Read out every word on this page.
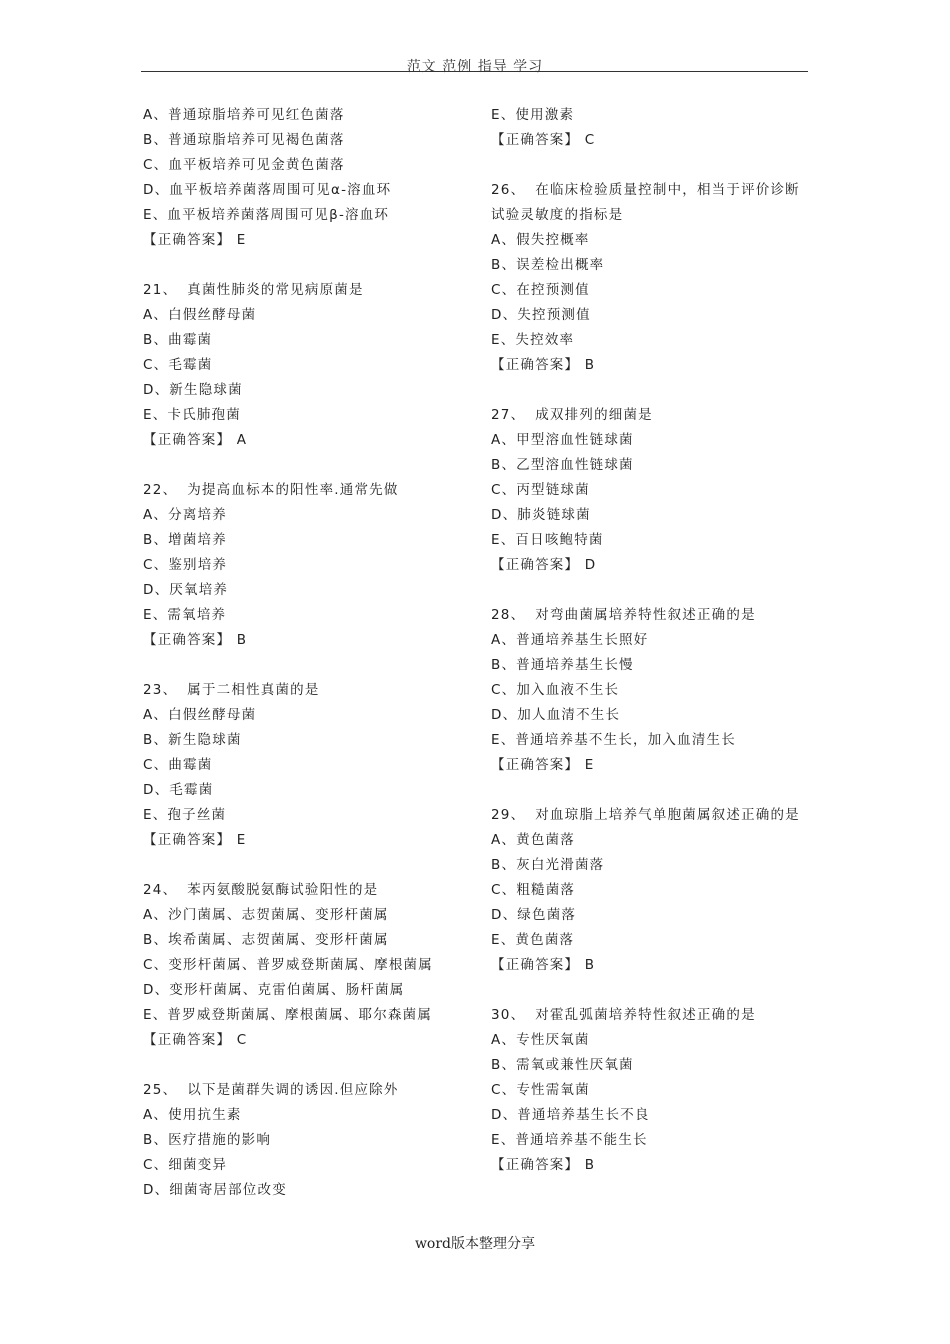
范文 范例 指导 学习
A、普通琼脂培养可见红色菌落
B、普通琼脂培养可见褐色菌落
C、血平板培养可见金黄色菌落
D、血平板培养菌落周围可见α-溶血环
E、血平板培养菌落周围可见β-溶血环
【正确答案】 E
21、 真菌性肺炎的常见病原菌是
A、白假丝酵母菌
B、曲霉菌
C、毛霉菌
D、新生隐球菌
E、卡氏肺孢菌
【正确答案】 A
22、 为提高血标本的阳性率.通常先做
A、分离培养
B、增菌培养
C、鉴别培养
D、厌氧培养
E、需氧培养
【正确答案】 B
23、 属于二相性真菌的是
A、白假丝酵母菌
B、新生隐球菌
C、曲霉菌
D、毛霉菌
E、孢子丝菌
【正确答案】 E
24、 苯丙氨酸脱氨酶试验阳性的是
A、沙门菌属、志贺菌属、变形杆菌属
B、埃希菌属、志贺菌属、变形杆菌属
C、变形杆菌属、普罗威登斯菌属、摩根菌属
D、变形杆菌属、克雷伯菌属、肠杆菌属
E、普罗威登斯菌属、摩根菌属、耶尔森菌属
【正确答案】 C
25、 以下是菌群失调的诱因.但应除外
A、使用抗生素
B、医疗措施的影响
C、细菌变异
D、细菌寄居部位改变
E、使用激素
【正确答案】 C
26、 在临床检验质量控制中，相当于评价诊断
试验灵敏度的指标是
A、假失控概率
B、误差检出概率
C、在控预测值
D、失控预测值
E、失控效率
【正确答案】 B
27、 成双排列的细菌是
A、甲型溶血性链球菌
B、乙型溶血性链球菌
C、丙型链球菌
D、肺炎链球菌
E、百日咳鲍特菌
【正确答案】 D
28、 对弯曲菌属培养特性叙述正确的是
A、普通培养基生长照好
B、普通培养基生长慢
C、加入血液不生长
D、加人血清不生长
E、普通培养基不生长，加入血清生长
【正确答案】 E
29、 对血琼脂上培养气单胞菌属叙述正确的是
A、黄色菌落
B、灰白光滑菌落
C、粗糙菌落
D、绿色菌落
E、黄色菌落
【正确答案】 B
30、 对霍乱弧菌培养特性叙述正确的是
A、专性厌氧菌
B、需氧或兼性厌氧菌
C、专性需氧菌
D、普通培养基生长不良
E、普通培养基不能生长
【正确答案】 B
word版本整理分享
